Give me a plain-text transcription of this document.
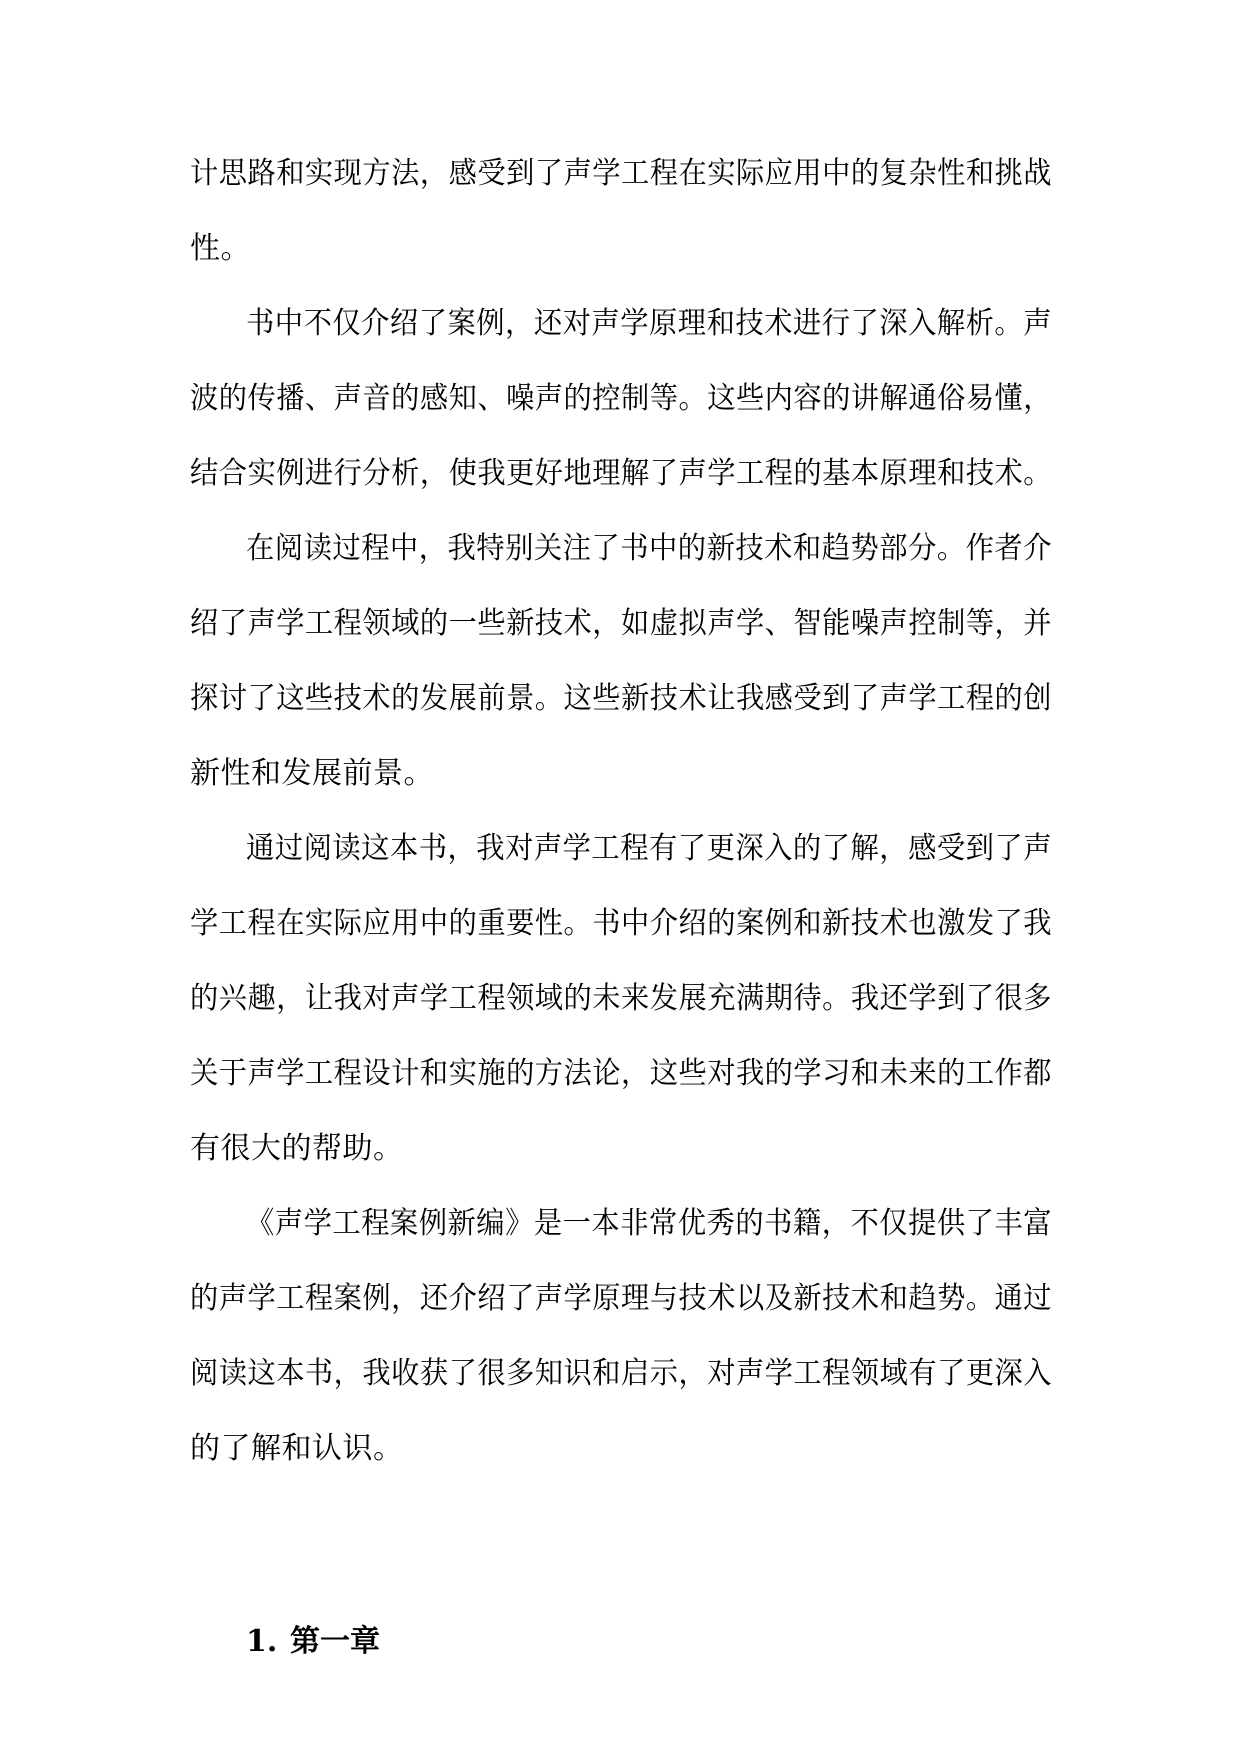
计思路和实现方法，感受到了声学工程在实际应用中的复杂性和挑战
性。
书中不仅介绍了案例，还对声学原理和技术进行了深入解析。声
波的传播、声音的感知、噪声的控制等。这些内容的讲解通俗易懂，
结合实例进行分析，使我更好地理解了声学工程的基本原理和技术。
在阅读过程中，我特别关注了书中的新技术和趋势部分。作者介
绍了声学工程领域的一些新技术，如虚拟声学、智能噪声控制等，并
探讨了这些技术的发展前景。这些新技术让我感受到了声学工程的创
新性和发展前景。
通过阅读这本书，我对声学工程有了更深入的了解，感受到了声
学工程在实际应用中的重要性。书中介绍的案例和新技术也激发了我
的兴趣，让我对声学工程领域的未来发展充满期待。我还学到了很多
关于声学工程设计和实施的方法论，这些对我的学习和未来的工作都
有很大的帮助。
《声学工程案例新编》是一本非常优秀的书籍，不仅提供了丰富
的声学工程案例，还介绍了声学原理与技术以及新技术和趋势。通过
阅读这本书，我收获了很多知识和启示，对声学工程领域有了更深入
的了解和认识。
1. 第一章
